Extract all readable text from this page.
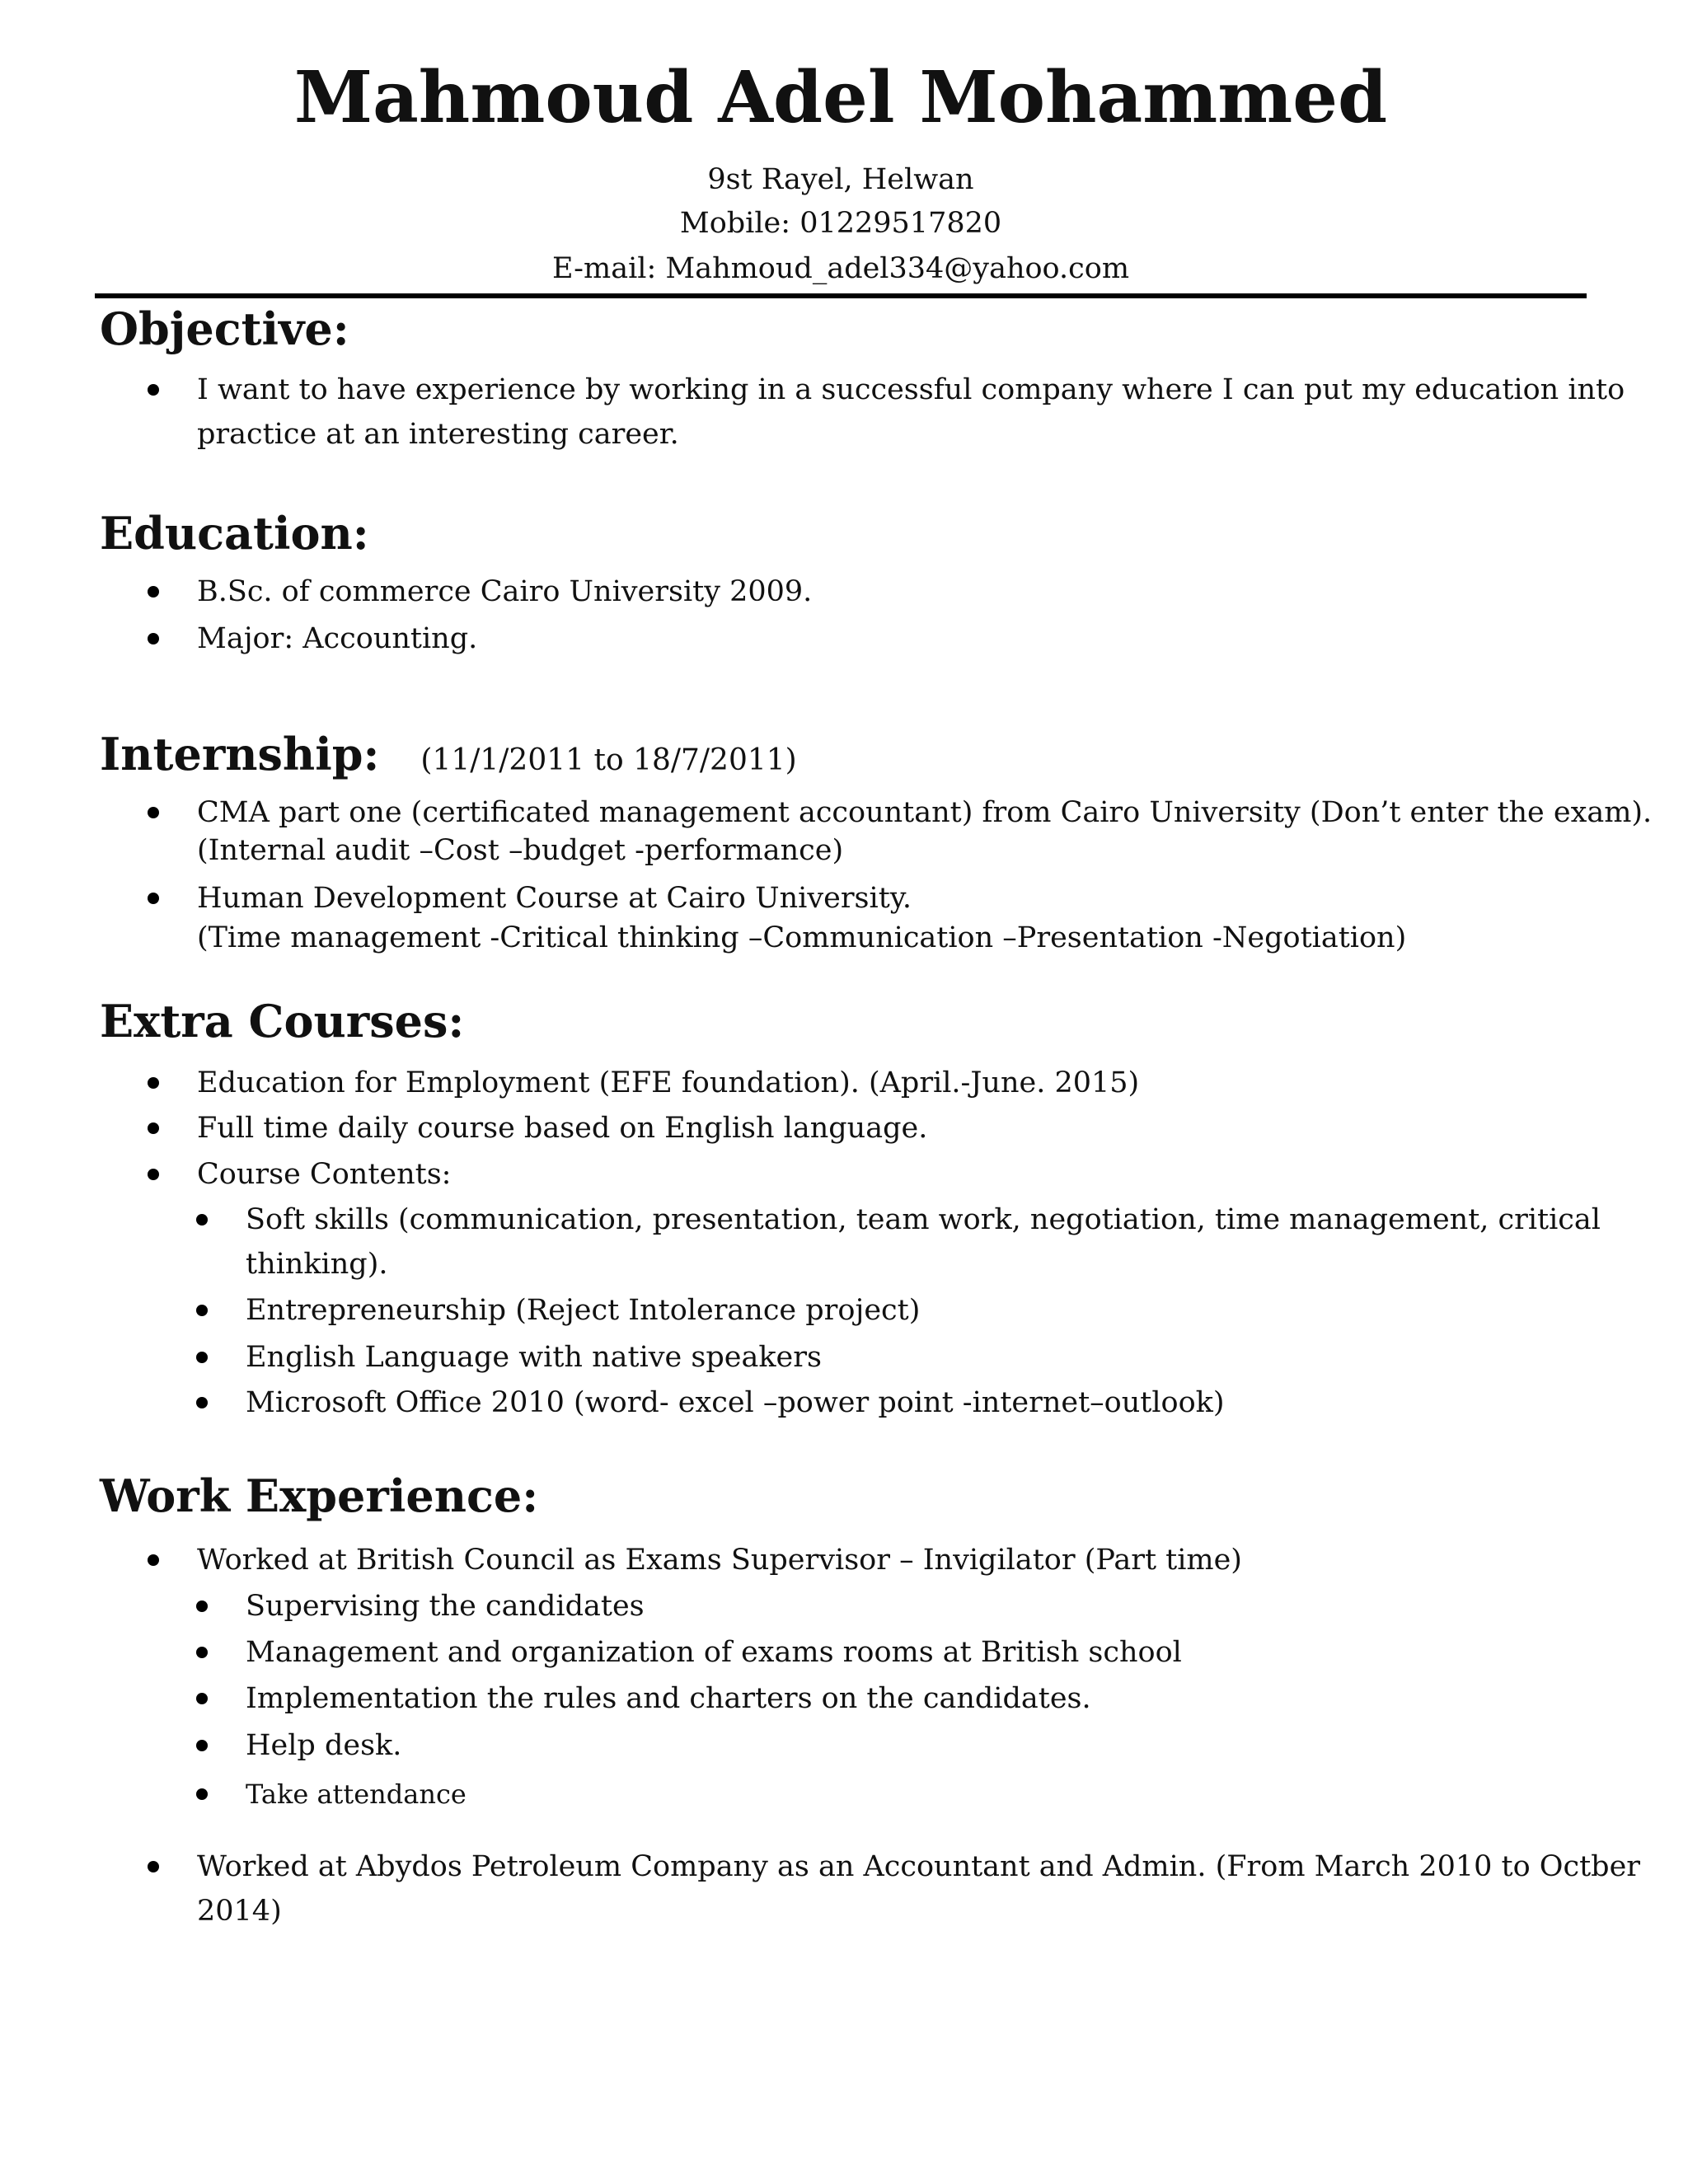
Mahmoud Adel Mohammed
9st Rayel, Helwan
Mobile: 01229517820
E-mail: Mahmoud_adel334@yahoo.com
Objective:
I want to have experience by working in a successful company where I can put my education into
practice at an interesting career.
Education:
B.Sc. of commerce Cairo University 2009.
Major: Accounting.
Internship: (11/1/2011 to 18/7/2011)
CMA part one (certificated management accountant) from Cairo University (Don’t enter the exam).
(Internal audit –Cost –budget -performance)
Human Development Course at Cairo University.
(Time management -Critical thinking –Communication –Presentation -Negotiation)
Extra Courses:
Education for Employment (EFE foundation). (April.-June. 2015)
Full time daily course based on English language.
Course Contents:
Soft skills (communication, presentation, team work, negotiation, time management, critical
thinking).
Entrepreneurship (Reject Intolerance project)
English Language with native speakers
Microsoft Office 2010 (word- excel –power point -internet–outlook)
Work Experience:
Worked at British Council as Exams Supervisor – Invigilator (Part time)
Supervising the candidates
Management and organization of exams rooms at British school
Implementation the rules and charters on the candidates.
Help desk.
Take attendance
Worked at Abydos Petroleum Company as an Accountant and Admin. (From March 2010 to Octber
2014)
